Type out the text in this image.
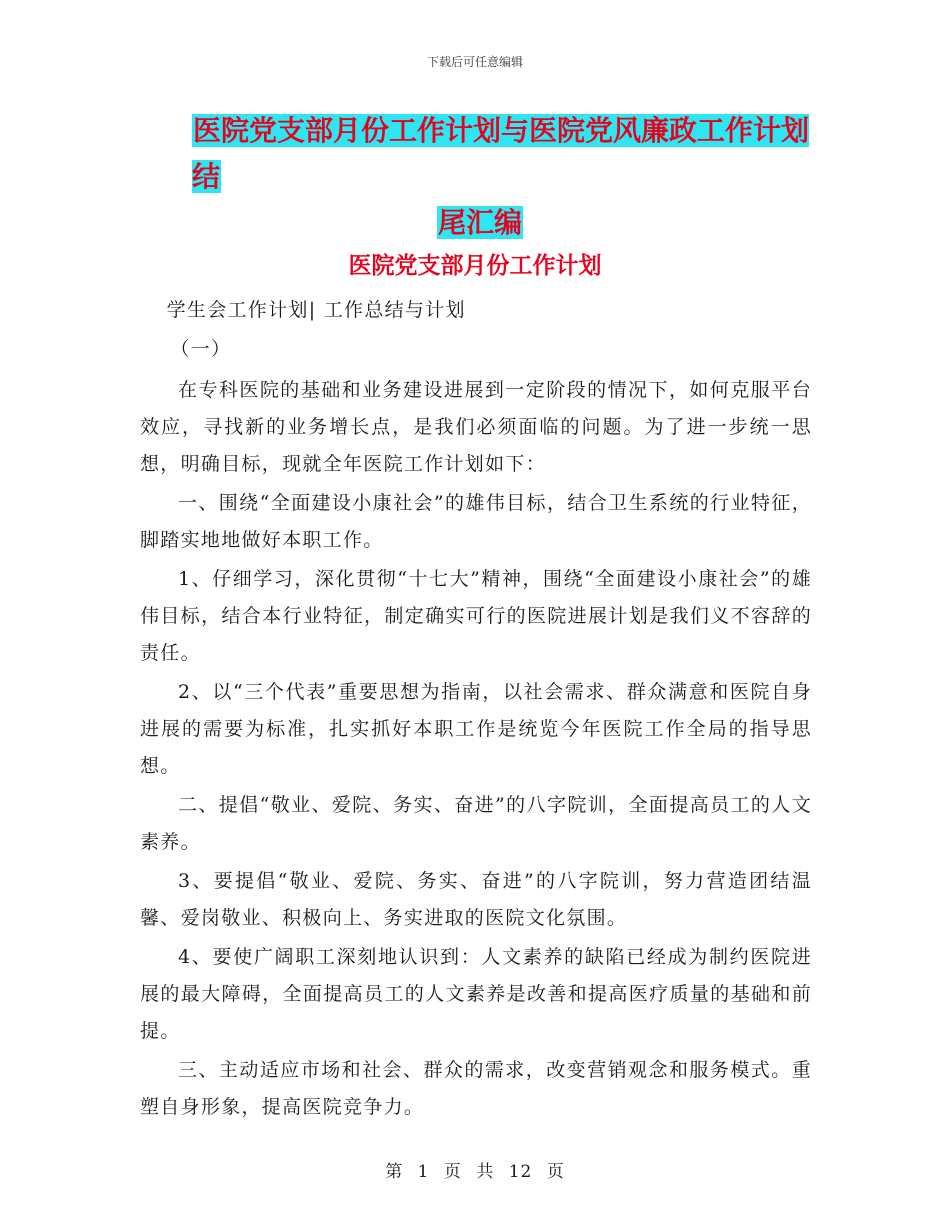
下载后可任意编辑
医院党支部月份工作计划与医院党风廉政工作计划结
尾汇编
医院党支部月份工作计划

学生会工作计划| 工作总结与计划

（一）

在专科医院的基础和业务建设进展到一定阶段的情况下，如何克服平台效应，寻找新的业务增长点，是我们必须面临的问题。为了进一步统一思想，明确目标，现就全年医院工作计划如下：

一、围绕“全面建设小康社会”的雄伟目标，结合卫生系统的行业特征，脚踏实地地做好本职工作。

1、仔细学习，深化贯彻“十七大”精神，围绕“全面建设小康社会”的雄伟目标，结合本行业特征，制定确实可行的医院进展计划是我们义不容辞的责任。

2、以“三个代表”重要思想为指南，以社会需求、群众满意和医院自身进展的需要为标准，扎实抓好本职工作是统览今年医院工作全局的指导思想。

二、提倡“敬业、爱院、务实、奋进”的八字院训，全面提高员工的人文素养。

3、要提倡“敬业、爱院、务实、奋进”的八字院训，努力营造团结温馨、爱岗敬业、积极向上、务实进取的医院文化氛围。

4、要使广阔职工深刻地认识到：人文素养的缺陷已经成为制约医院进展的最大障碍，全面提高员工的人文素养是改善和提高医疗质量的基础和前提。

三、主动适应市场和社会、群众的需求，改变营销观念和服务模式。重塑自身形象，提高医院竞争力。

第 1 页 共 12 页
